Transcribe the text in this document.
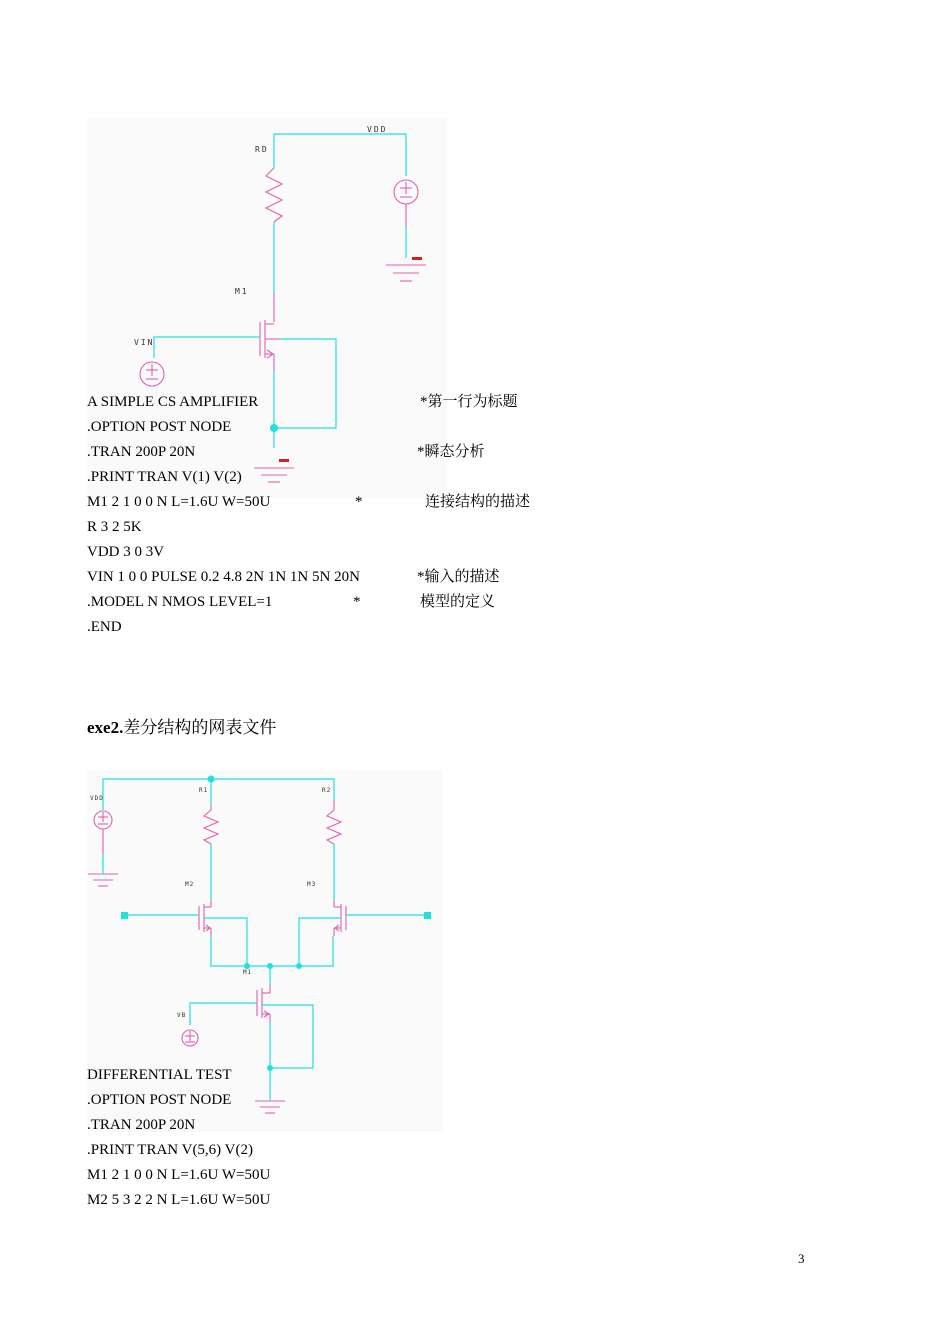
VDD
RD
M1
VIN
A SIMPLE CS AMPLIFIER
.OPTION POST NODE
.TRAN 200P 20N
.PRINT TRAN V(1) V(2)
M1 2 1 0 0 N L=1.6U W=50U
R 3 2 5K
VDD 3 0 3V
VIN 1 0 0 PULSE 0.2 4.8 2N 1N 1N 5N 20N
.MODEL N NMOS LEVEL=1
.END
*第一行为标题
*瞬态分析
*	连接结构的描述
*输入的描述
*	模型的定义
exe2.差分结构的网表文件
VDD
R1	R2
M2	M3
M1
VB
DIFFERENTIAL TEST
.OPTION POST NODE
.TRAN 200P 20N
.PRINT TRAN V(5,6) V(2)
M1 2 1 0 0 N L=1.6U W=50U
M2 5 3 2 2 N L=1.6U W=50U
3
